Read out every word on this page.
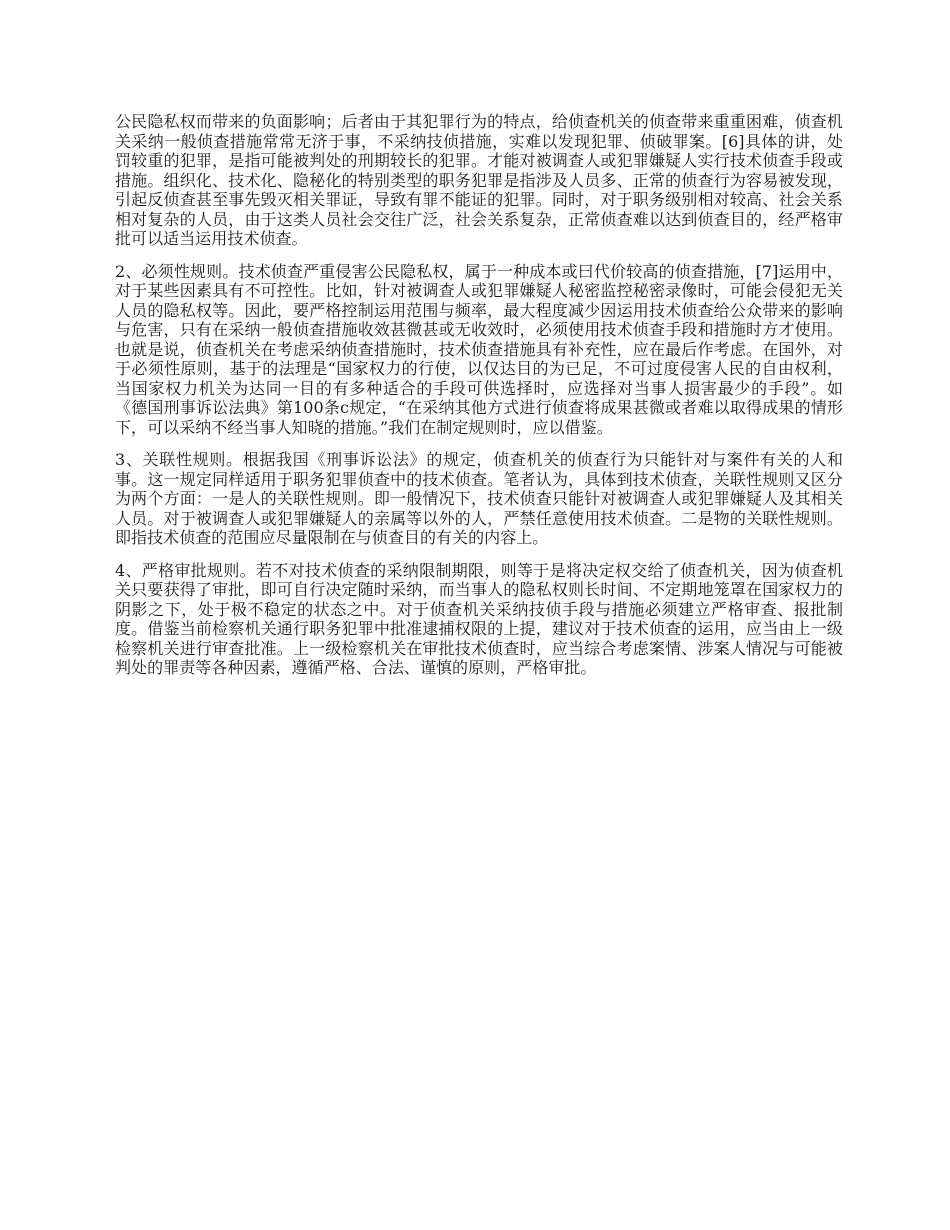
公民隐私权而带来的负面影响；后者由于其犯罪行为的特点，给侦查机关的侦查带来重重困难，侦查机关采纳一般侦查措施常常无济于事，不采纳技侦措施，实难以发现犯罪、侦破罪案。[6]具体的讲，处罚较重的犯罪，是指可能被判处的刑期较长的犯罪。才能对被调查人或犯罪嫌疑人实行技术侦查手段或措施。组织化、技术化、隐秘化的特别类型的职务犯罪是指涉及人员多、正常的侦查行为容易被发现，引起反侦查甚至事先毁灭相关罪证，导致有罪不能证的犯罪。同时，对于职务级别相对较高、社会关系相对复杂的人员，由于这类人员社会交往广泛，社会关系复杂，正常侦查难以达到侦查目的，经严格审批可以适当运用技术侦查。

2、必须性规则。技术侦查严重侵害公民隐私权，属于一种成本或曰代价较高的侦查措施，[7]运用中，对于某些因素具有不可控性。比如，针对被调查人或犯罪嫌疑人秘密监控秘密录像时，可能会侵犯无关人员的隐私权等。因此，要严格控制运用范围与频率，最大程度减少因运用技术侦查给公众带来的影响与危害，只有在采纳一般侦查措施收效甚微甚或无收效时，必须使用技术侦查手段和措施时方才使用。也就是说，侦查机关在考虑采纳侦查措施时，技术侦查措施具有补充性，应在最后作考虑。在国外，对于必须性原则，基于的法理是“国家权力的行使，以仅达目的为已足，不可过度侵害人民的自由权利，当国家权力机关为达同一目的有多种适合的手段可供选择时，应选择对当事人损害最少的手段”。如《德国刑事诉讼法典》第100条c规定，“在采纳其他方式进行侦查将成果甚微或者难以取得成果的情形下，可以采纳不经当事人知晓的措施。”我们在制定规则时，应以借鉴。

3、关联性规则。根据我国《刑事诉讼法》的规定，侦查机关的侦查行为只能针对与案件有关的人和事。这一规定同样适用于职务犯罪侦查中的技术侦查。笔者认为，具体到技术侦查，关联性规则又区分为两个方面：一是人的关联性规则。即一般情况下，技术侦查只能针对被调查人或犯罪嫌疑人及其相关人员。对于被调查人或犯罪嫌疑人的亲属等以外的人，严禁任意使用技术侦查。二是物的关联性规则。即指技术侦查的范围应尽量限制在与侦查目的有关的内容上。

4、严格审批规则。若不对技术侦查的采纳限制期限，则等于是将决定权交给了侦查机关，因为侦查机关只要获得了审批，即可自行决定随时采纳，而当事人的隐私权则长时间、不定期地笼罩在国家权力的阴影之下，处于极不稳定的状态之中。对于侦查机关采纳技侦手段与措施必须建立严格审查、报批制度。借鉴当前检察机关通行职务犯罪中批准逮捕权限的上提，建议对于技术侦查的运用，应当由上一级检察机关进行审查批准。上一级检察机关在审批技术侦查时，应当综合考虑案情、涉案人情况与可能被判处的罪责等各种因素，遵循严格、合法、谨慎的原则，严格审批。
